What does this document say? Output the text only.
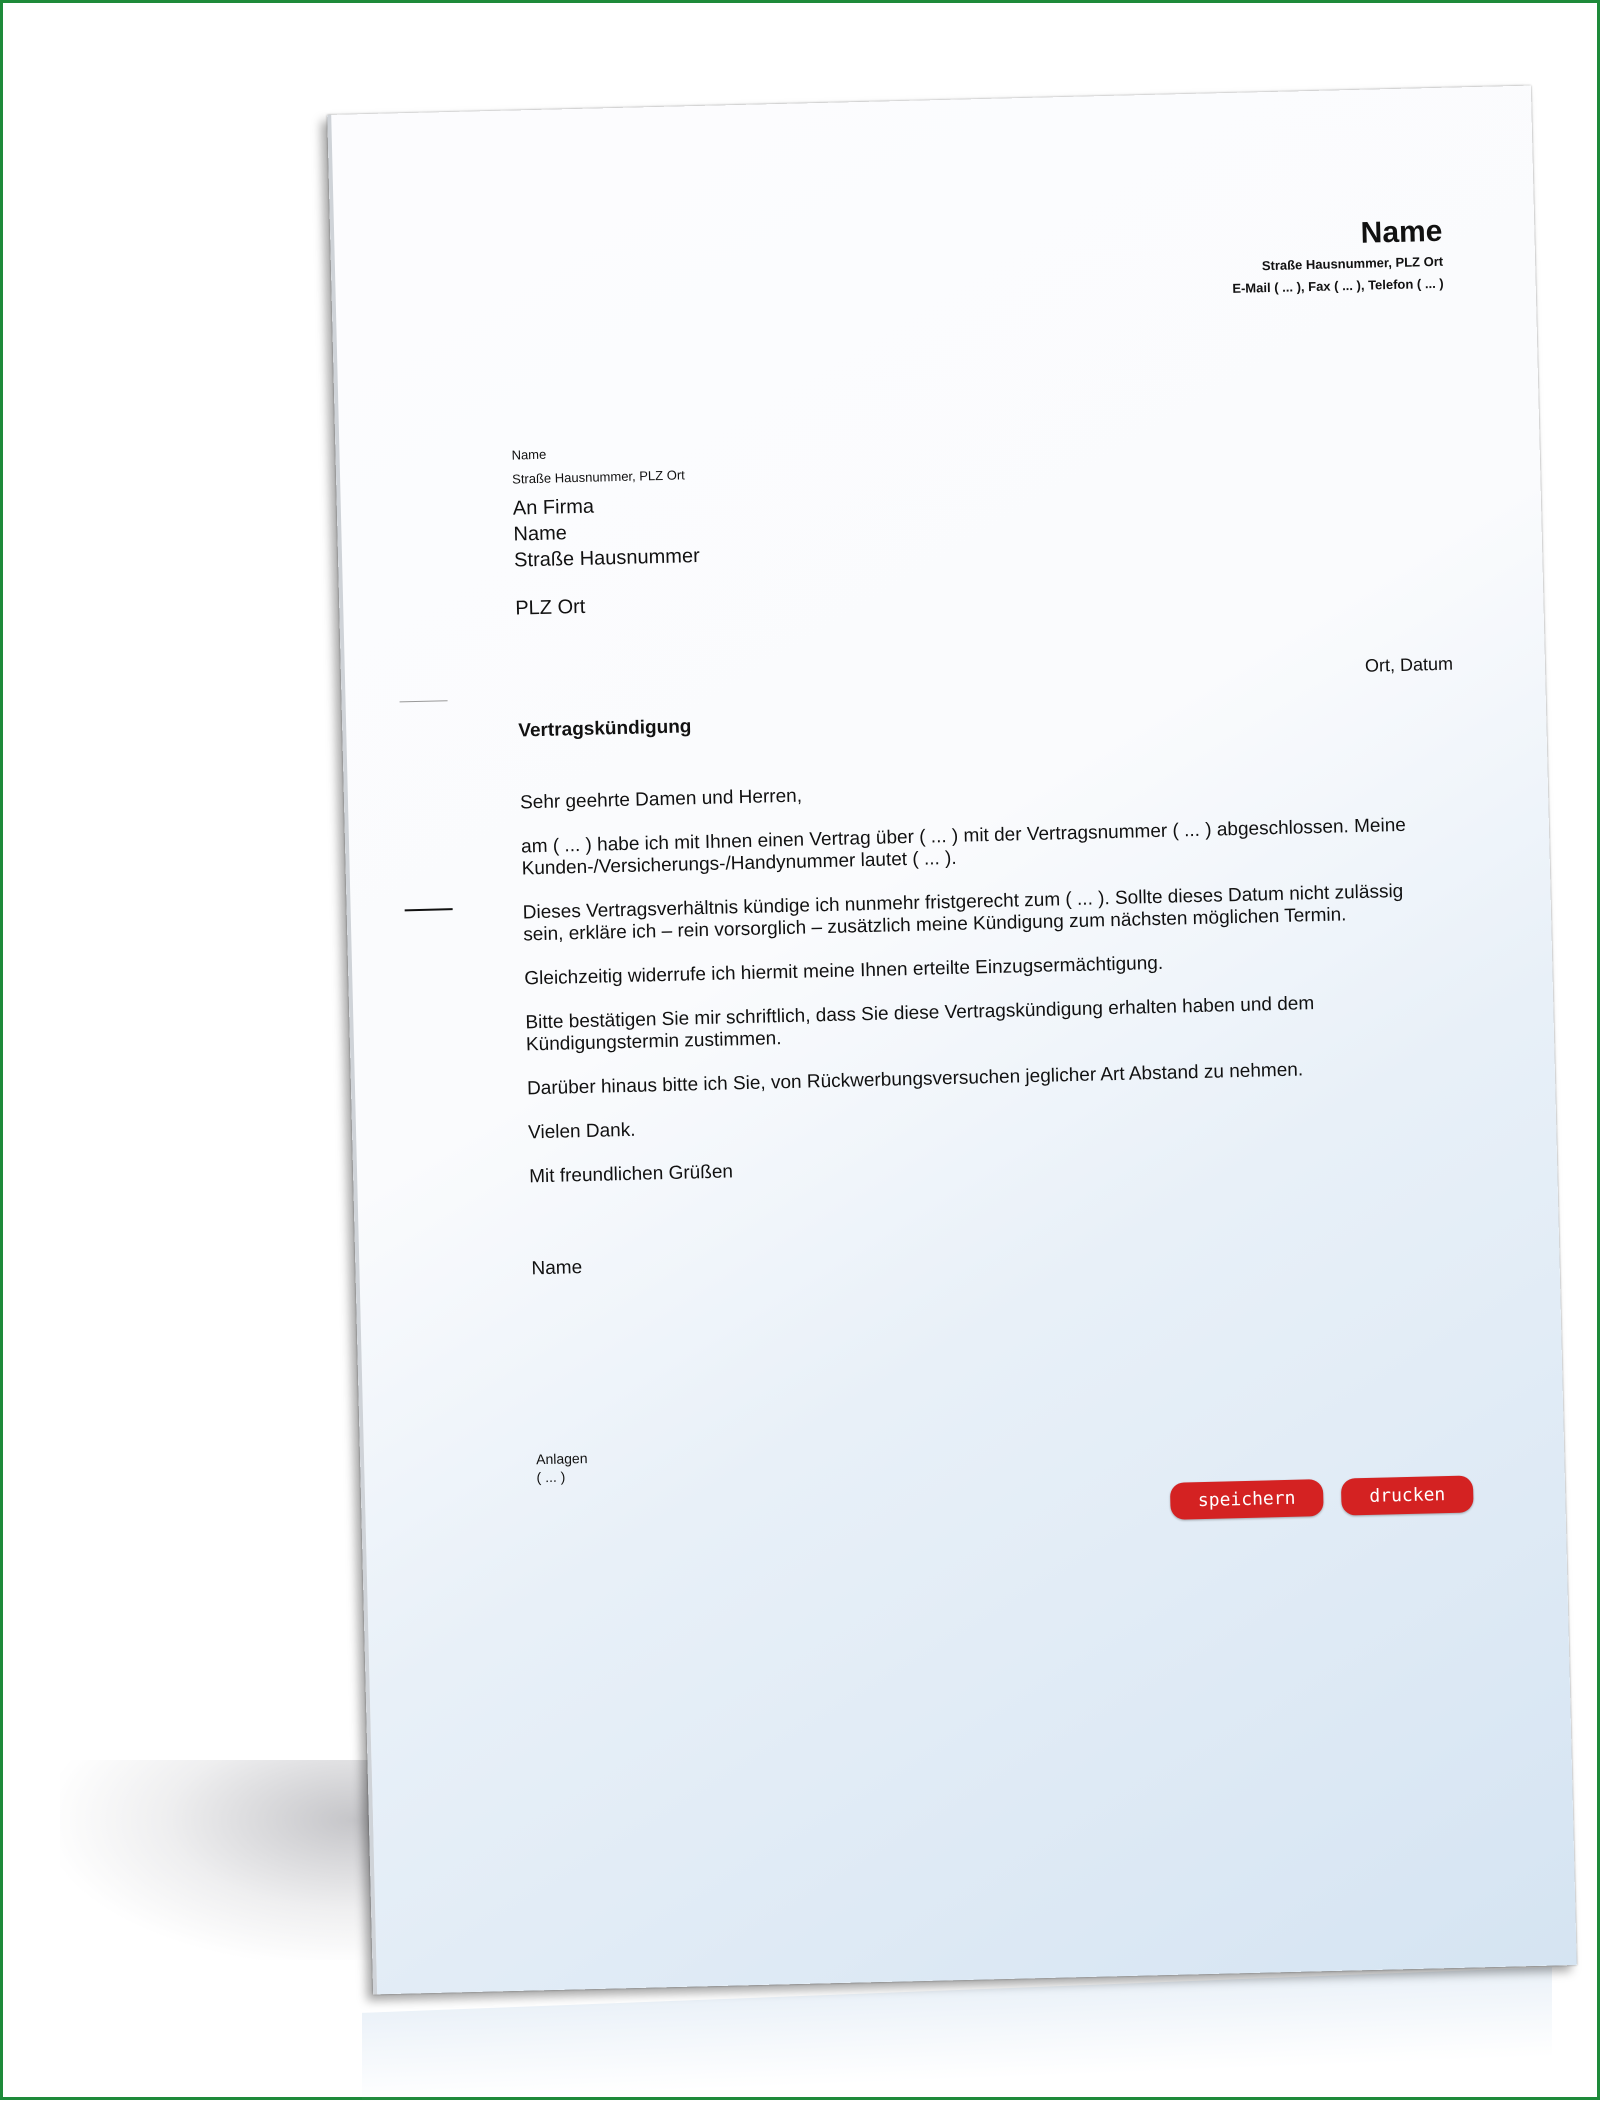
Name
Straße Hausnummer, PLZ Ort
E-Mail ( ... ), Fax ( ... ), Telefon ( ... )
Name
Straße Hausnummer, PLZ Ort
An Firma
Name
Straße Hausnummer
PLZ Ort
Ort, Datum
Vertragskündigung

Sehr geehrte Damen und Herren,

am ( ... ) habe ich mit Ihnen einen Vertrag über ( ... ) mit der Vertragsnummer ( ... ) abgeschlossen. Meine Kunden-/Versicherungs-/Handynummer lautet ( ... ).

Dieses Vertragsverhältnis kündige ich nunmehr fristgerecht zum ( ... ). Sollte dieses Datum nicht zulässig sein, erkläre ich – rein vorsorglich – zusätzlich meine Kündigung zum nächsten möglichen Termin.

Gleichzeitig widerrufe ich hiermit meine Ihnen erteilte Einzugsermächtigung.

Bitte bestätigen Sie mir schriftlich, dass Sie diese Vertragskündigung erhalten haben und dem Kündigungstermin zustimmen.

Darüber hinaus bitte ich Sie, von Rückwerbungsversuchen jeglicher Art Abstand zu nehmen.

Vielen Dank.

Mit freundlichen Grüßen

Name

Anlagen
( ... )
speichern	drucken
